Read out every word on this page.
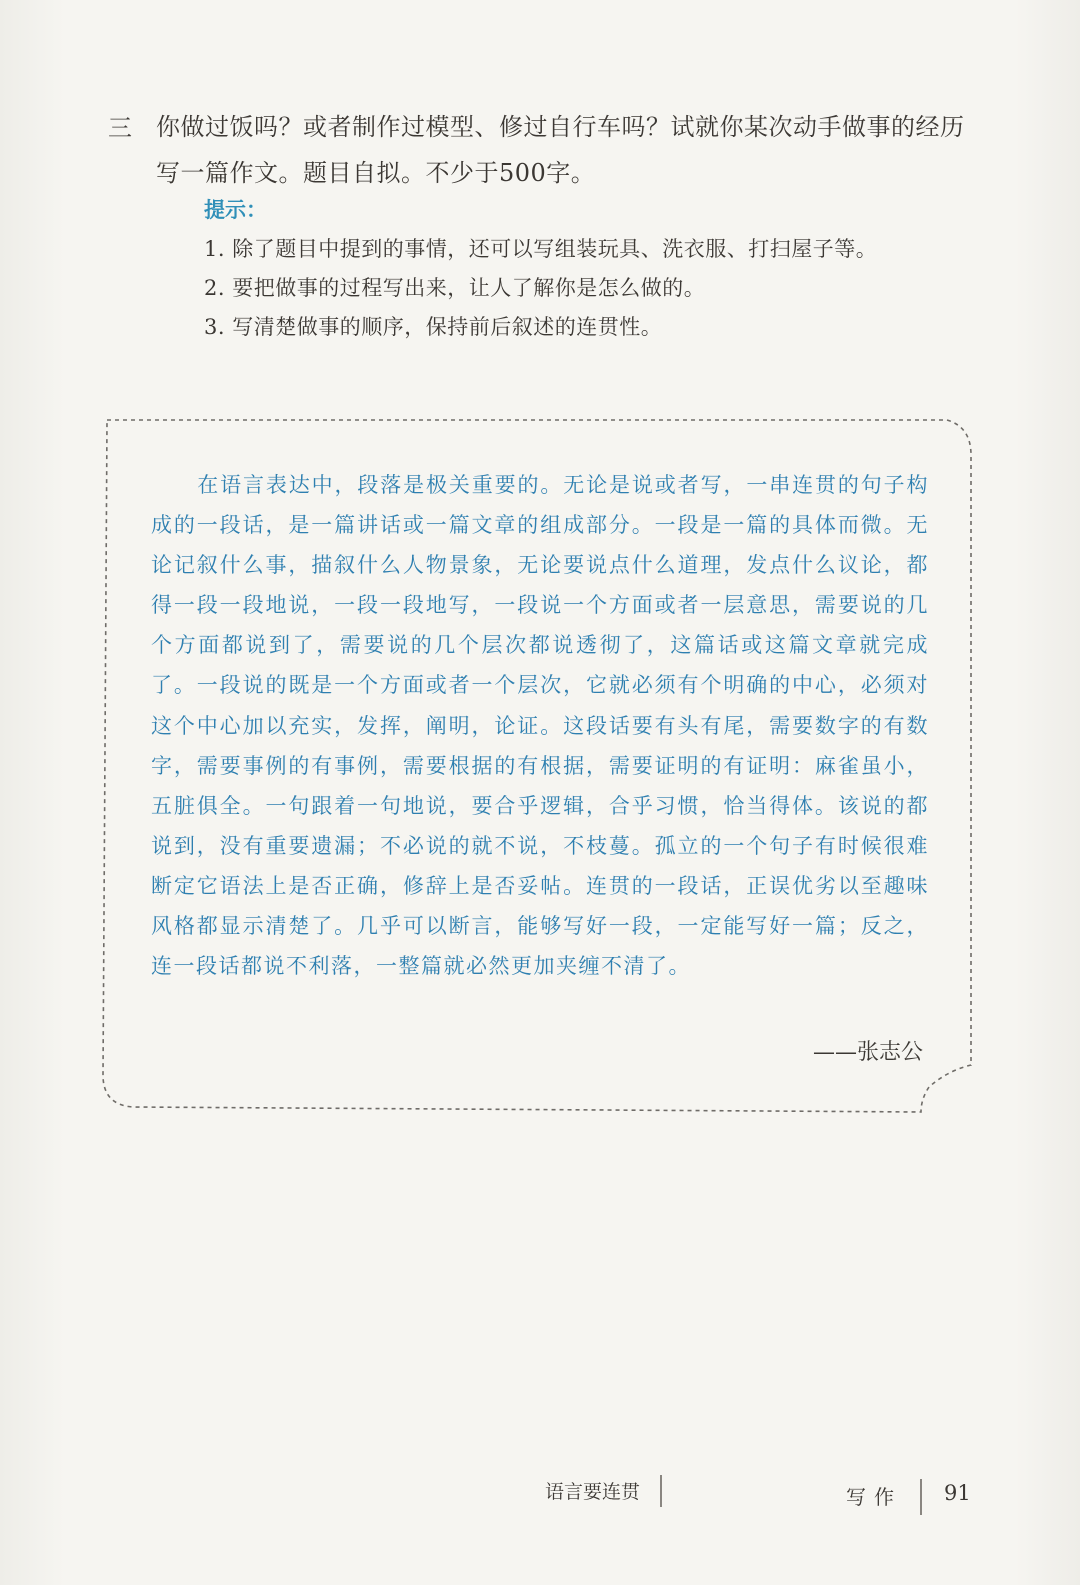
三 你做过饭吗？或者制作过模型、修过自行车吗？试就你某次动手做事的经历写一篇作文。题目自拟。不少于500字。
提示：
1. 除了题目中提到的事情，还可以写组装玩具、洗衣服、打扫屋子等。
2. 要把做事的过程写出来，让人了解你是怎么做的。
3. 写清楚做事的顺序，保持前后叙述的连贯性。
在语言表达中，段落是极关重要的。无论是说或者写，一串连贯的句子构成的一段话，是一篇讲话或一篇文章的组成部分。一段是一篇的具体而微。无论记叙什么事，描叙什么人物景象，无论要说点什么道理，发点什么议论，都得一段一段地说，一段一段地写，一段说一个方面或者一层意思，需要说的几个方面都说到了，需要说的几个层次都说透彻了，这篇话或这篇文章就完成了。一段说的既是一个方面或者一个层次，它就必须有个明确的中心，必须对这个中心加以充实，发挥，阐明，论证。这段话要有头有尾，需要数字的有数字，需要事例的有事例，需要根据的有根据，需要证明的有证明：麻雀虽小，五脏俱全。一句跟着一句地说，要合乎逻辑，合乎习惯，恰当得体。该说的都说到，没有重要遗漏；不必说的就不说，不枝蔓。孤立的一个句子有时候很难断定它语法上是否正确，修辞上是否妥帖。连贯的一段话，正误优劣以至趣味风格都显示清楚了。几乎可以断言，能够写好一段，一定能写好一篇；反之，连一段话都说不利落，一整篇就必然更加夹缠不清了。
——张志公
语言要连贯	写作 91
